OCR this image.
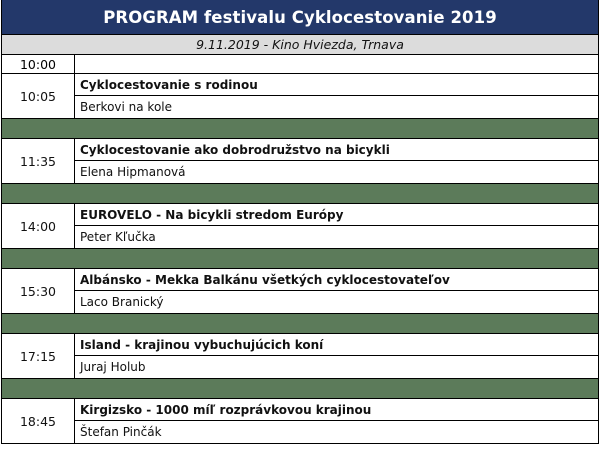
PROGRAM festivalu Cyklocestovanie 2019
9.11.2019 - Kino Hviezda, Trnava
10:00
10:05
Cyklocestovanie s rodinou
Berkovi na kole
11:35
Cyklocestovanie ako dobrodružstvo na bicykli
Elena Hipmanová
14:00
EUROVELO - Na bicykli stredom Európy
Peter Kľučka
15:30
Albánsko - Mekka Balkánu všetkých cyklocestovateľov
Laco Branický
17:15
Island - krajinou vybuchujúcich koní
Juraj Holub
18:45
Kirgizsko - 1000 míľ rozprávkovou krajinou
Štefan Pinčák
